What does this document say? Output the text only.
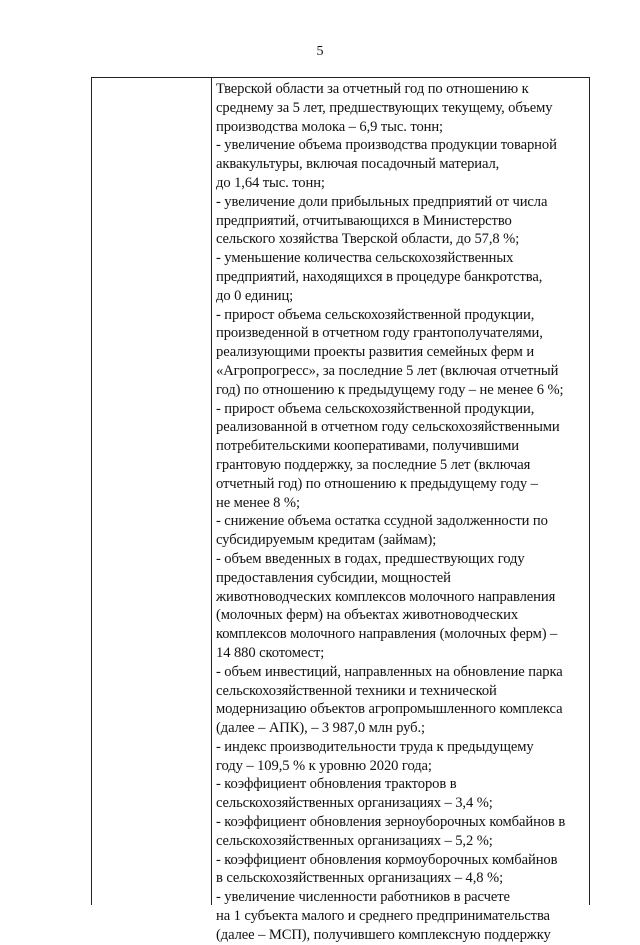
5
Тверской области за отчетный год по отношению к
среднему за 5 лет, предшествующих текущему, объему
производства молока – 6,9 тыс. тонн;
- увеличение объема производства продукции товарной
аквакультуры, включая посадочный материал,
до 1,64 тыс. тонн;
- увеличение доли прибыльных предприятий от числа
предприятий, отчитывающихся в Министерство
сельского хозяйства Тверской области, до 57,8 %;
- уменьшение количества сельскохозяйственных
предприятий, находящихся в процедуре банкротства,
до 0 единиц;
- прирост объема сельскохозяйственной продукции,
произведенной в отчетном году грантополучателями,
реализующими проекты развития семейных ферм и
«Агропрогресс», за последние 5 лет (включая отчетный
год) по отношению к предыдущему году – не менее 6 %;
- прирост объема сельскохозяйственной продукции,
реализованной в отчетном году сельскохозяйственными
потребительскими кооперативами, получившими
грантовую поддержку, за последние 5 лет (включая
отчетный год) по отношению к предыдущему году –
не менее 8 %;
- снижение объема остатка ссудной задолженности по
субсидируемым кредитам (займам);
- объем введенных в годах, предшествующих году
предоставления субсидии, мощностей
животноводческих комплексов молочного направления
(молочных ферм) на объектах животноводческих
комплексов молочного направления (молочных ферм) –
14 880 скотомест;
- объем инвестиций, направленных на обновление парка
сельскохозяйственной техники и технической
модернизацию объектов агропромышленного комплекса
(далее – АПК), – 3 987,0 млн руб.;
- индекс производительности труда к предыдущему
году – 109,5 % к уровню 2020 года;
- коэффициент обновления тракторов в
сельскохозяйственных организациях – 3,4 %;
- коэффициент обновления зерноуборочных комбайнов в
сельскохозяйственных организациях – 5,2 %;
- коэффициент обновления кормоуборочных комбайнов
в сельскохозяйственных организациях – 4,8 %;
- увеличение численности работников в расчете
на 1 субъекта малого и среднего предпринимательства
(далее – МСП), получившего комплексную поддержку
